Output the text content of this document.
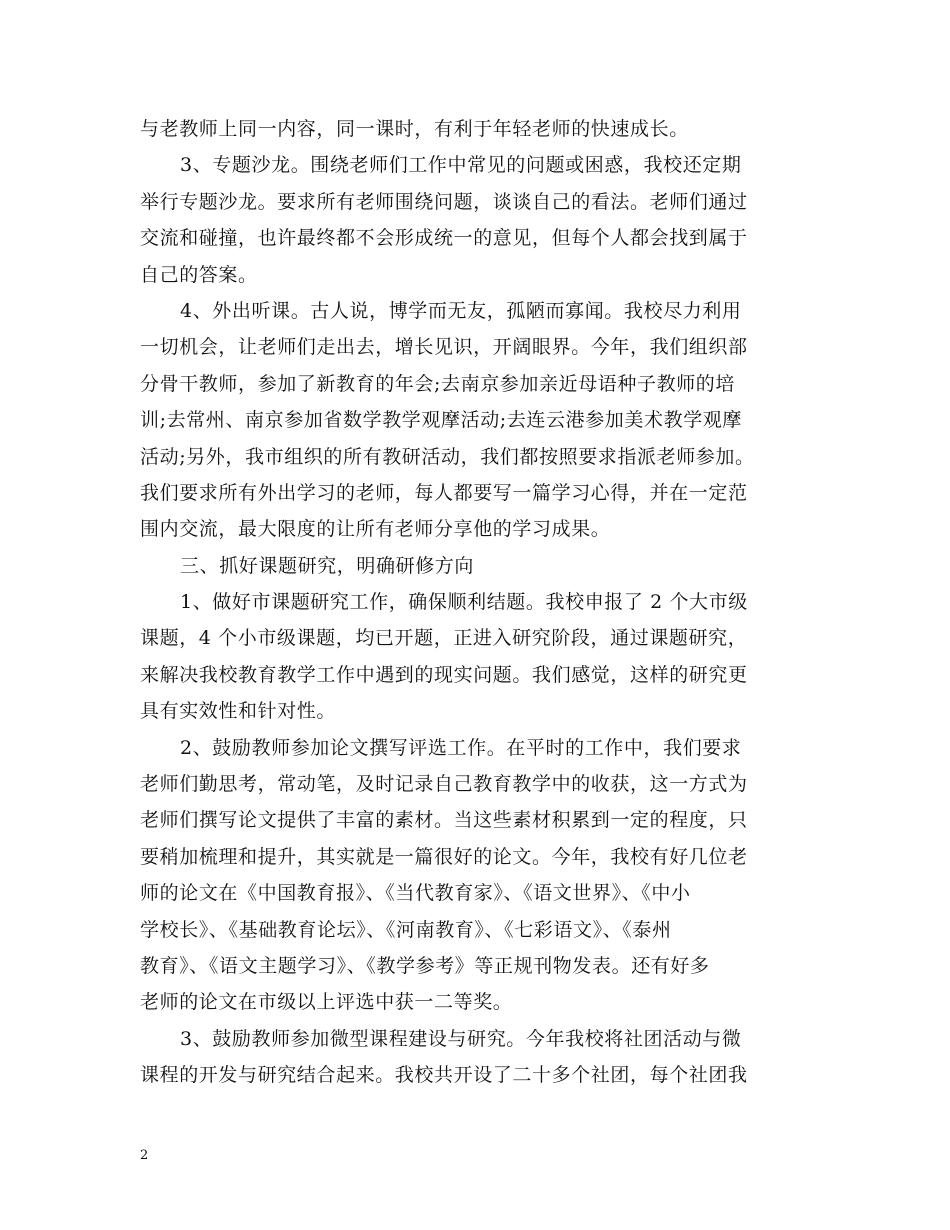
与老教师上同一内容，同一课时，有利于年轻老师的快速成长。
3、专题沙龙。围绕老师们工作中常见的问题或困惑，我校还定期
举行专题沙龙。要求所有老师围绕问题，谈谈自己的看法。老师们通过
交流和碰撞，也许最终都不会形成统一的意见，但每个人都会找到属于
自己的答案。
4、外出听课。古人说，博学而无友，孤陋而寡闻。我校尽力利用
一切机会，让老师们走出去，增长见识，开阔眼界。今年，我们组织部
分骨干教师，参加了新教育的年会;去南京参加亲近母语种子教师的培
训;去常州、南京参加省数学教学观摩活动;去连云港参加美术教学观摩
活动;另外，我市组织的所有教研活动，我们都按照要求指派老师参加。
我们要求所有外出学习的老师，每人都要写一篇学习心得，并在一定范
围内交流，最大限度的让所有老师分享他的学习成果。
三、抓好课题研究，明确研修方向
1、做好市课题研究工作，确保顺利结题。我校申报了 2 个大市级
课题，4 个小市级课题，均已开题，正进入研究阶段，通过课题研究，
来解决我校教育教学工作中遇到的现实问题。我们感觉，这样的研究更
具有实效性和针对性。
2、鼓励教师参加论文撰写评选工作。在平时的工作中，我们要求
老师们勤思考，常动笔，及时记录自己教育教学中的收获，这一方式为
老师们撰写论文提供了丰富的素材。当这些素材积累到一定的程度，只
要稍加梳理和提升，其实就是一篇很好的论文。今年，我校有好几位老
师的论文在《中国教育报》、《当代教育家》、《语文世界》、《中小
学校长》、《基础教育论坛》、《河南教育》、《七彩语文》、《泰州
教育》、《语文主题学习》、《教学参考》等正规刊物发表。还有好多
老师的论文在市级以上评选中获一二等奖。
3、鼓励教师参加微型课程建设与研究。今年我校将社团活动与微
课程的开发与研究结合起来。我校共开设了二十多个社团，每个社团我
2
